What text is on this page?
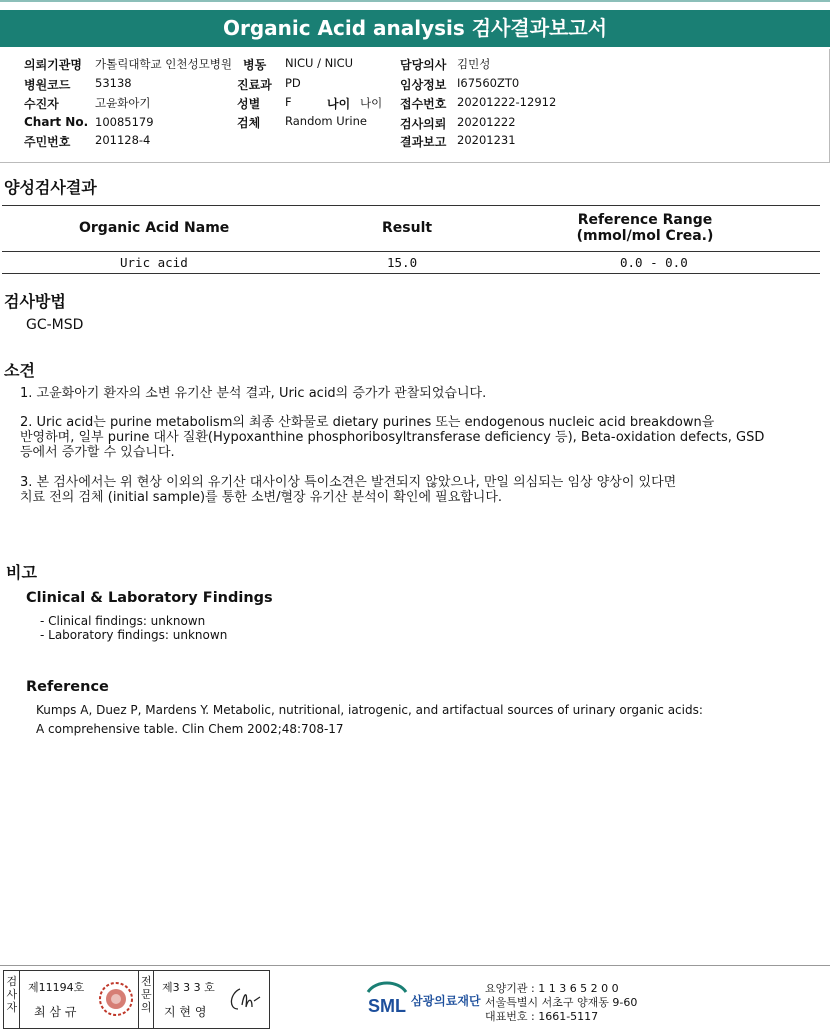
Organic Acid analysis 검사결과보고서
의뢰기관명 가톨릭대학교 인천성모병원
병원코드 53138
수진자	고윤화아기
Chart No. 10085179
주민번호 201128-4
병동 NICU / NICU
진료과 PD
성별 F	나이 나이
검체 Random Urine
담당의사 김민성
임상정보 I67560ZT0
접수번호 20201222-12912
검사의뢰 20201222
결과보고 20201231
양성검사결과
Organic Acid Name	Result	Reference Range
(mmol/mol Crea.)
Uric acid	15.0	0.0 - 0.0
검사방법
GC-MSD
소견
1. 고윤화아기 환자의 소변 유기산 분석 결과, Uric acid의 증가가 관찰되었습니다.
2. Uric acid는 purine metabolism의 최종 산화물로 dietary purines 또는 endogenous nucleic acid breakdown을
반영하며, 일부 purine 대사 질환(Hypoxanthine phosphoribosyltransferase deficiency 등), Beta-oxidation defects, GSD
등에서 증가할 수 있습니다.
3. 본 검사에서는 위 현상 이외의 유기산 대사이상 특이소견은 발견되지 않았으나, 만일 의심되는 임상 양상이 있다면
치료 전의 검체 (initial sample)를 통한 소변/혈장 유기산 분석이 확인에 필요합니다.
비고
Clinical & Laboratory Findings
- Clinical findings: unknown
- Laboratory findings: unknown
Reference
Kumps A, Duez P, Mardens Y. Metabolic, nutritional, iatrogenic, and artifactual sources of urinary organic acids:
A comprehensive table. Clin Chem 2002;48:708-17
검사자
제11194호
최 삼 규
전문의
제3 3 3 호
지 현 영	SML 삼광의료재단
요양기관 : 1 1 3 6 5 2 0 0
서울특별시 서초구 양재동 9-60
대표번호 : 1661-5117
